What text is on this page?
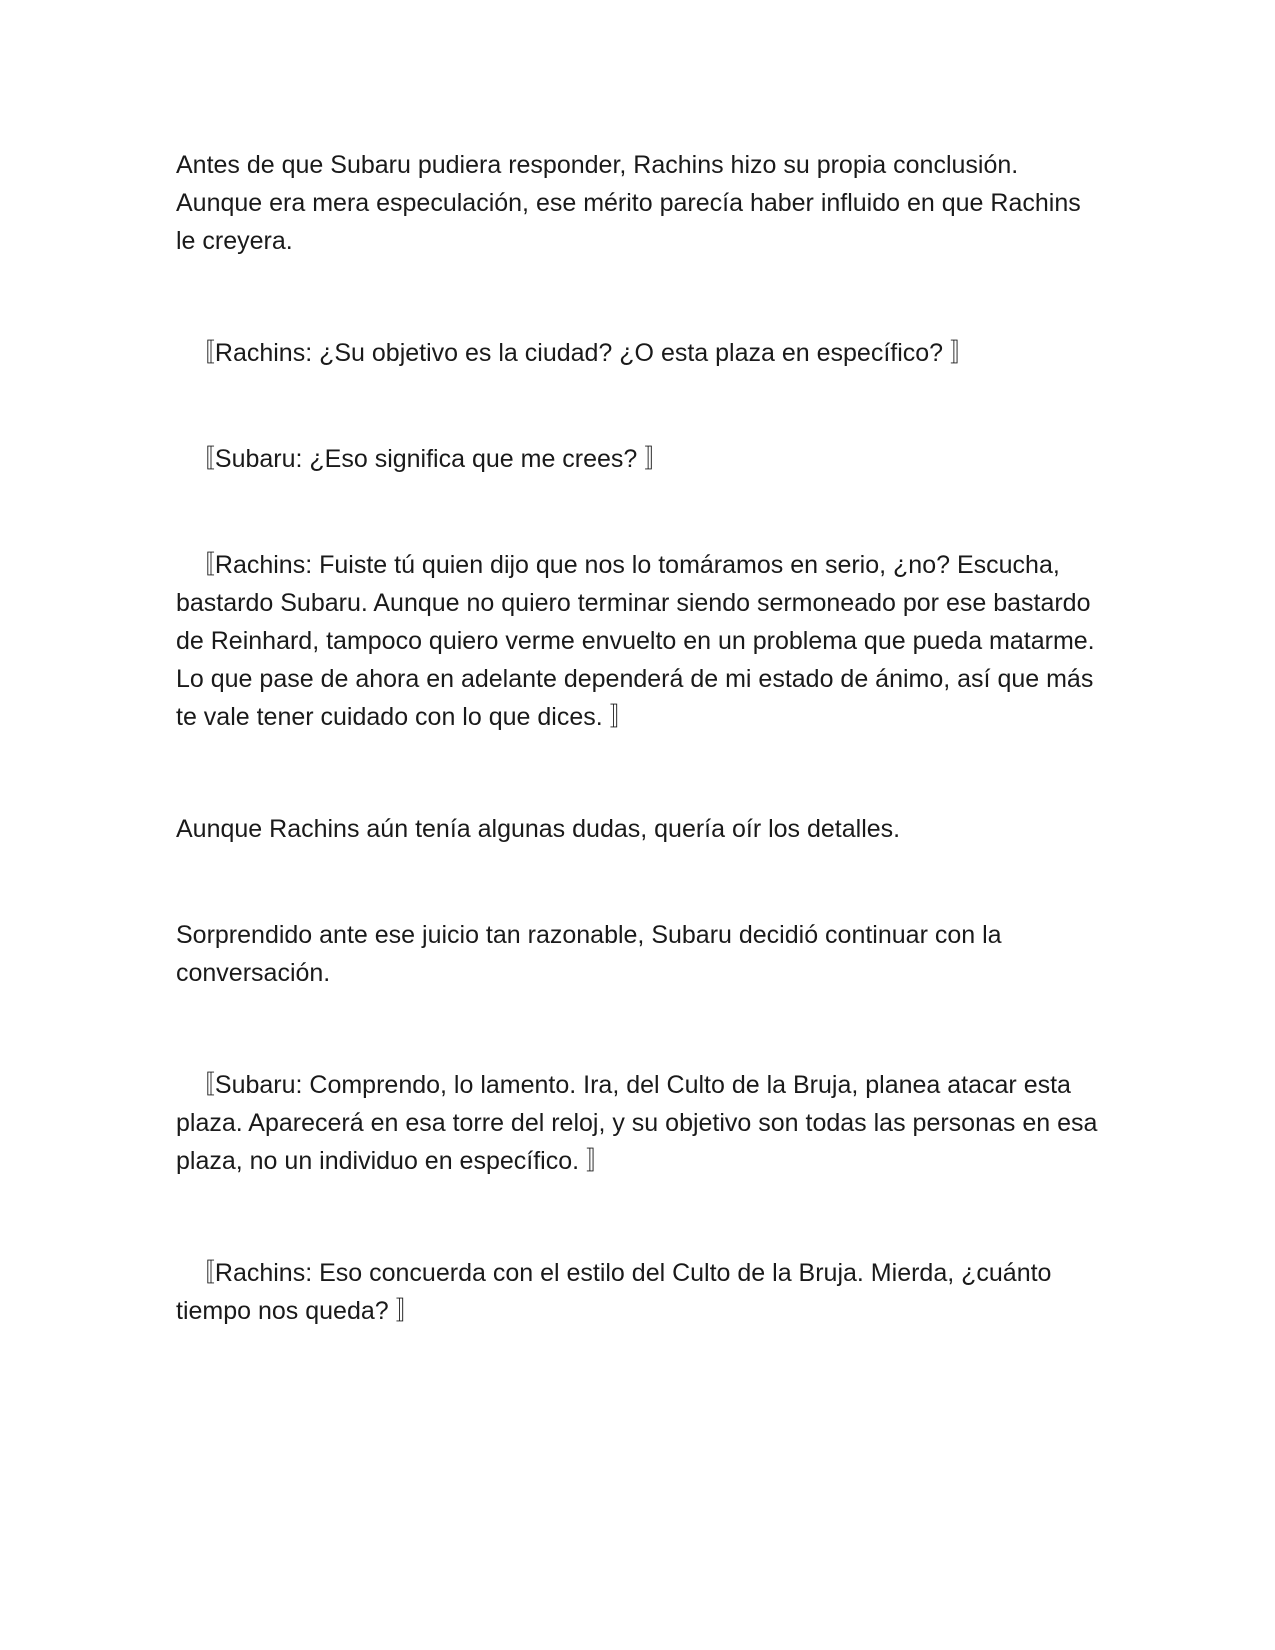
Antes de que Subaru pudiera responder, Rachins hizo su propia conclusión. Aunque era mera especulación, ese mérito parecía haber influido en que Rachins le creyera.

〚Rachins: ¿Su objetivo es la ciudad? ¿O esta plaza en específico? 〛

〚Subaru: ¿Eso significa que me crees? 〛

〚Rachins: Fuiste tú quien dijo que nos lo tomáramos en serio, ¿no? Escucha, bastardo Subaru. Aunque no quiero terminar siendo sermoneado por ese bastardo de Reinhard, tampoco quiero verme envuelto en un problema que pueda matarme. Lo que pase de ahora en adelante dependerá de mi estado de ánimo, así que más te vale tener cuidado con lo que dices. 〛

Aunque Rachins aún tenía algunas dudas, quería oír los detalles.

Sorprendido ante ese juicio tan razonable, Subaru decidió continuar con la conversación.

〚Subaru: Comprendo, lo lamento. Ira, del Culto de la Bruja, planea atacar esta plaza. Aparecerá en esa torre del reloj, y su objetivo son todas las personas en esa plaza, no un individuo en específico. 〛

〚Rachins: Eso concuerda con el estilo del Culto de la Bruja. Mierda, ¿cuánto tiempo nos queda? 〛
